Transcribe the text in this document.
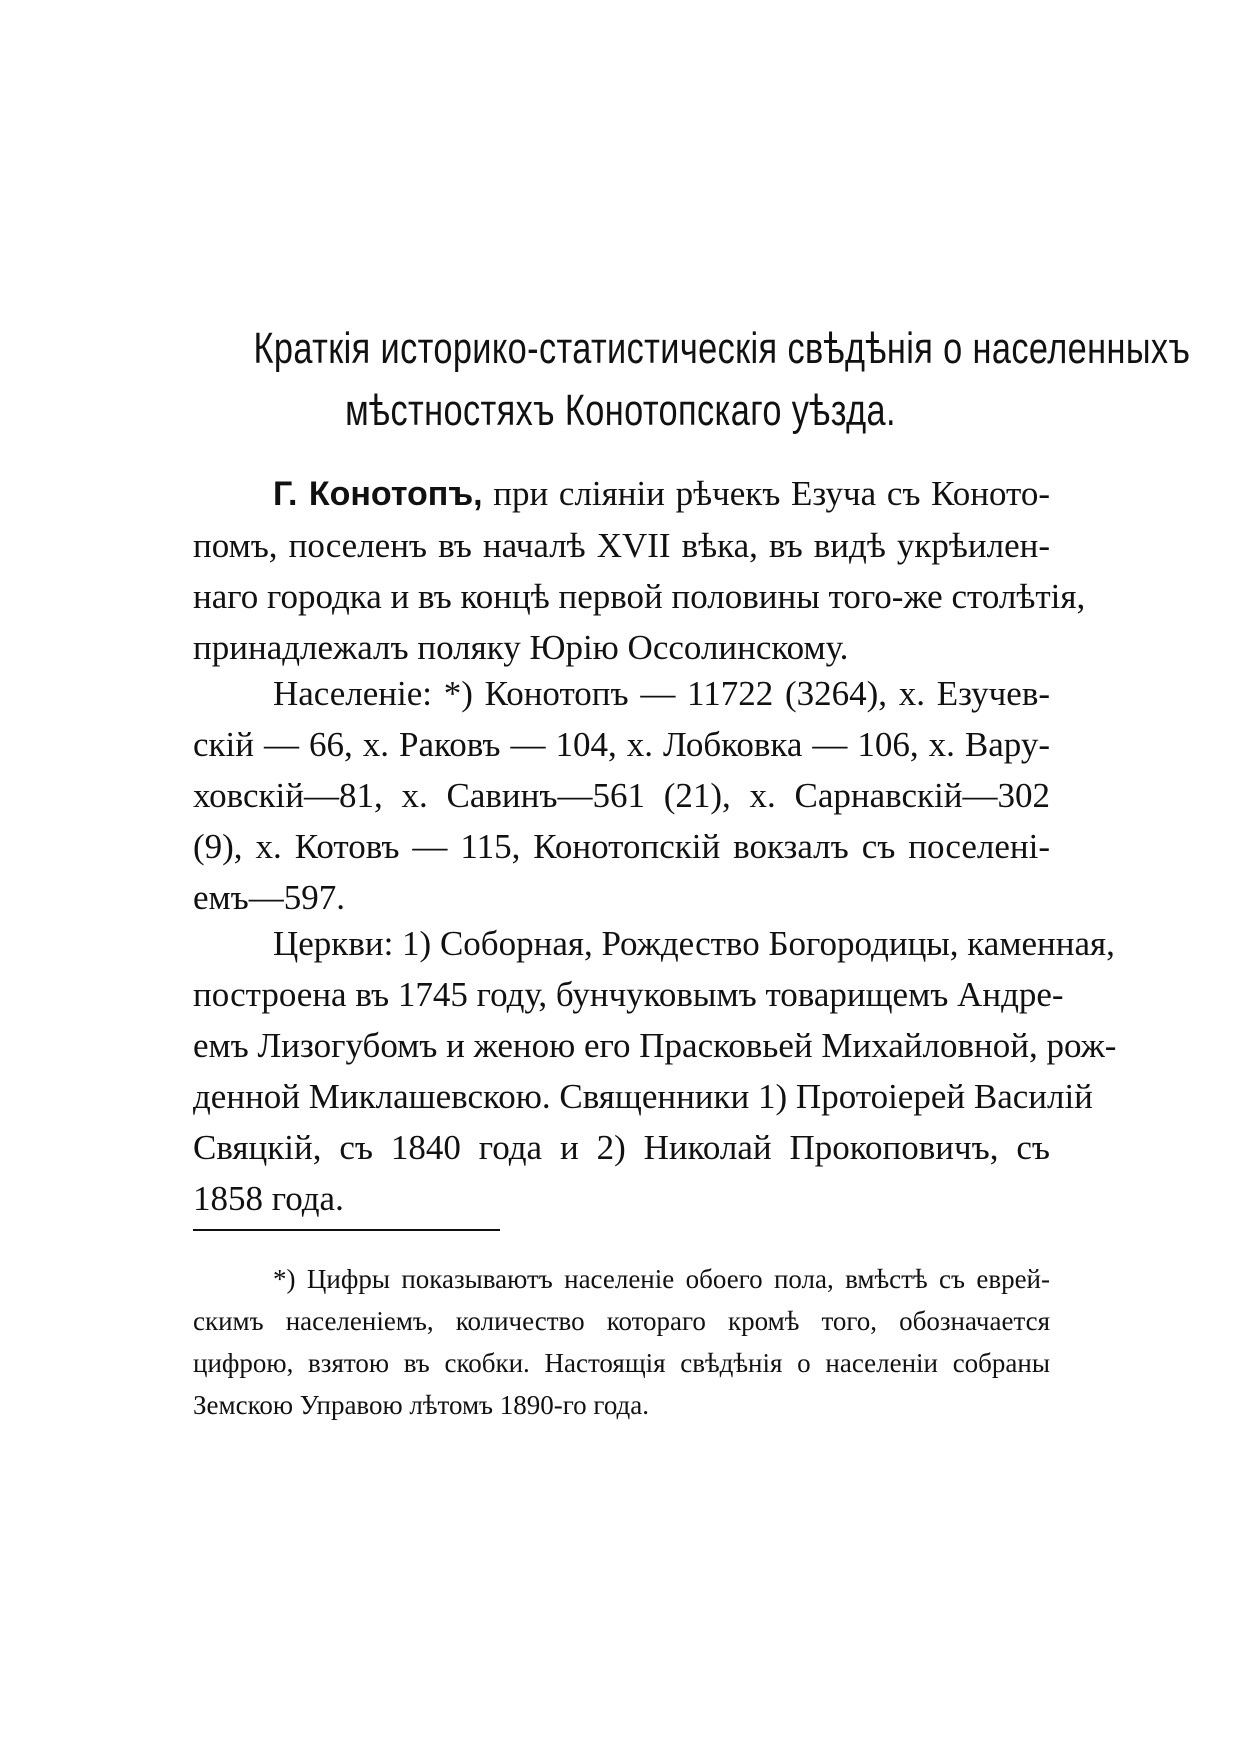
Краткія историко-статистическія свѣдѣнія о населенныхъ
мѣстностяхъ Конотопскаго уѣзда.
Г. Конотопъ, при сліяніи рѣчекъ Езуча съ Коното-
помъ, поселенъ въ началѣ XVII вѣка, въ видѣ укрѣилен-
наго городка и въ концѣ первой половины того-же столѣтія,
принадлежалъ поляку Юрію Оссолинскому.
Населеніе: *) Конотопъ — 11722 (3264), х. Езучев-
скій — 66, х. Раковъ — 104, х. Лобковка — 106, х. Вару-
ховскій—81, х. Савинъ—561 (21), х. Сарнавскій—302
(9), х. Котовъ — 115, Конотопскій вокзалъ съ поселені-
емъ—597.
Церкви: 1) Соборная, Рождество Богородицы, каменная,
построена въ 1745 году, бунчуковымъ товарищемъ Андре-
емъ Лизогубомъ и женою его Прасковьей Михайловной, рож-
денной Миклашевскою. Священники 1) Протоіерей Василій
Свяцкій, съ 1840 года и 2) Николай Прокоповичъ, съ
1858 года.
*) Цифры показываютъ населеніе обоего пола, вмѣстѣ съ еврей-
скимъ населеніемъ, количество котораго кромѣ того, обозначается
цифрою, взятою въ скобки. Настоящія свѣдѣнія о населеніи собраны
Земскою Управою лѣтомъ 1890-го года.
